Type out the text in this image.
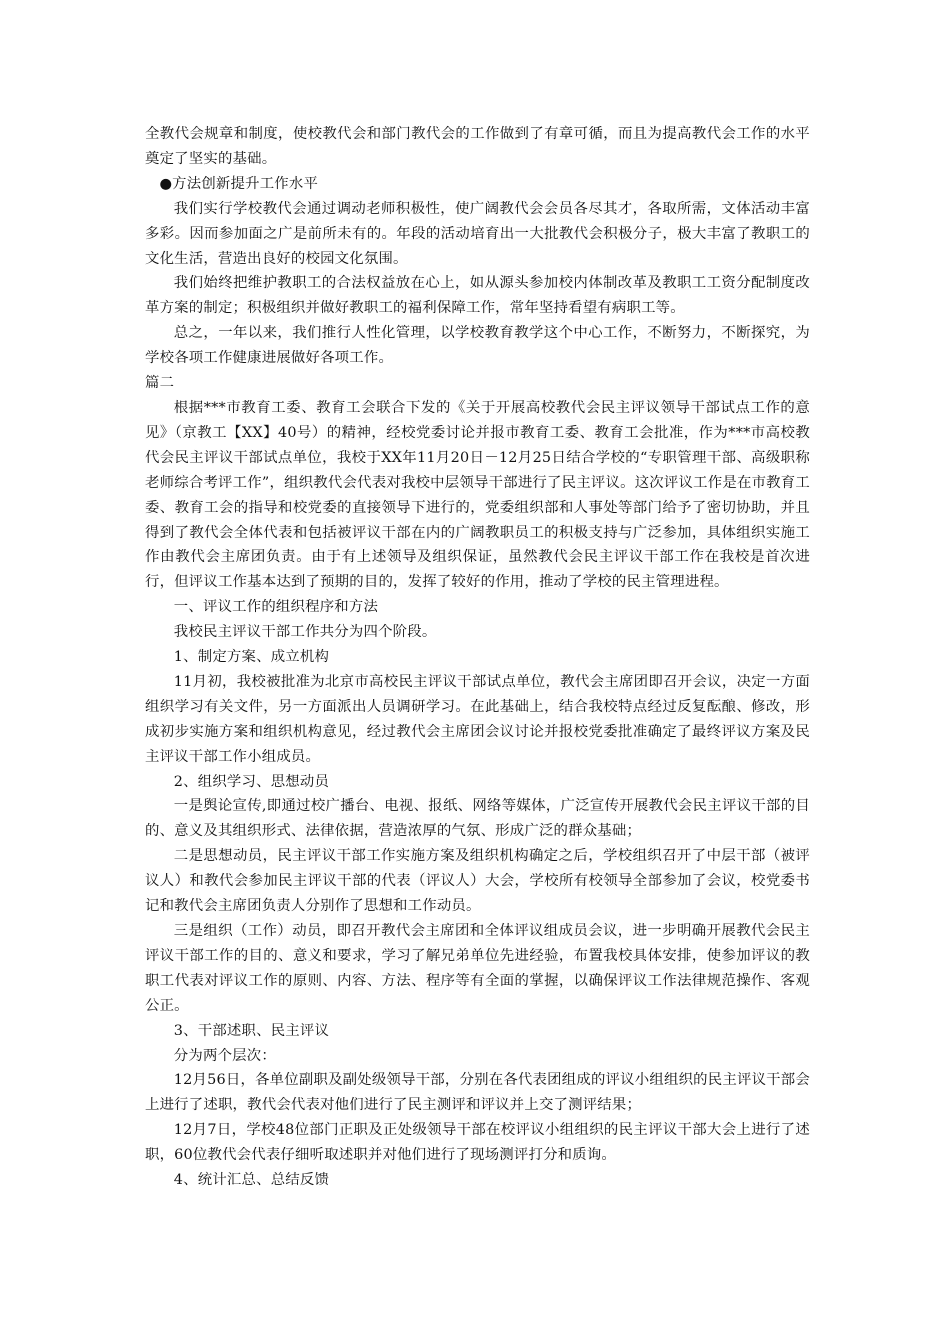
全教代会规章和制度，使校教代会和部门教代会的工作做到了有章可循，而且为提高教代会工作的水平奠定了坚实的基础。

●方法创新提升工作水平

我们实行学校教代会通过调动老师积极性，使广阔教代会会员各尽其才，各取所需，文体活动丰富多彩。因而参加面之广是前所未有的。年段的活动培育出一大批教代会积极分子，极大丰富了教职工的文化生活，营造出良好的校园文化氛围。

我们始终把维护教职工的合法权益放在心上，如从源头参加校内体制改革及教职工工资分配制度改革方案的制定；积极组织并做好教职工的福利保障工作，常年坚持看望有病职工等。

总之，一年以来，我们推行人性化管理，以学校教育教学这个中心工作，不断努力，不断探究，为学校各项工作健康进展做好各项工作。

篇二

根据***市教育工委、教育工会联合下发的《关于开展高校教代会民主评议领导干部试点工作的意见》（京教工【XX】40号）的精神，经校党委讨论并报市教育工委、教育工会批准，作为***市高校教代会民主评议干部试点单位，我校于XX年11月20日－12月25日结合学校的“专职管理干部、高级职称老师综合考评工作”，组织教代会代表对我校中层领导干部进行了民主评议。这次评议工作是在市教育工委、教育工会的指导和校党委的直接领导下进行的，党委组织部和人事处等部门给予了密切协助，并且得到了教代会全体代表和包括被评议干部在内的广阔教职员工的积极支持与广泛参加，具体组织实施工作由教代会主席团负责。由于有上述领导及组织保证，虽然教代会民主评议干部工作在我校是首次进行，但评议工作基本达到了预期的目的，发挥了较好的作用，推动了学校的民主管理进程。

一、评议工作的组织程序和方法

我校民主评议干部工作共分为四个阶段。

1、制定方案、成立机构

11月初，我校被批准为北京市高校民主评议干部试点单位，教代会主席团即召开会议，决定一方面组织学习有关文件，另一方面派出人员调研学习。在此基础上，结合我校特点经过反复酝酿、修改，形成初步实施方案和组织机构意见，经过教代会主席团会议讨论并报校党委批准确定了最终评议方案及民主评议干部工作小组成员。

2、组织学习、思想动员

一是舆论宣传,即通过校广播台、电视、报纸、网络等媒体，广泛宣传开展教代会民主评议干部的目的、意义及其组织形式、法律依据，营造浓厚的气氛、形成广泛的群众基础；

二是思想动员，民主评议干部工作实施方案及组织机构确定之后，学校组织召开了中层干部（被评议人）和教代会参加民主评议干部的代表（评议人）大会，学校所有校领导全部参加了会议，校党委书记和教代会主席团负责人分别作了思想和工作动员。

三是组织（工作）动员，即召开教代会主席团和全体评议组成员会议，进一步明确开展教代会民主评议干部工作的目的、意义和要求，学习了解兄弟单位先进经验，布置我校具体安排，使参加评议的教职工代表对评议工作的原则、内容、方法、程序等有全面的掌握，以确保评议工作法律规范操作、客观公正。

3、干部述职、民主评议

分为两个层次：

12月56日，各单位副职及副处级领导干部，分别在各代表团组成的评议小组组织的民主评议干部会上进行了述职，教代会代表对他们进行了民主测评和评议并上交了测评结果；

12月7日，学校48位部门正职及正处级领导干部在校评议小组组织的民主评议干部大会上进行了述职，60位教代会代表仔细听取述职并对他们进行了现场测评打分和质询。

4、统计汇总、总结反馈
